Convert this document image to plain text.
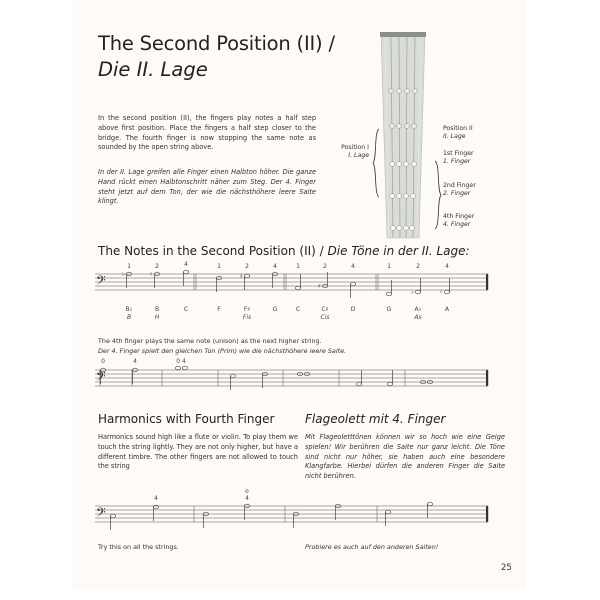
The Second Position (II) /
Die II. Lage
In the second position (II), the fingers play notes a half step above first position. Place the fingers a half step closer to the bridge. The fourth finger is now stopping the same note as sounded by the open string above.
In der II. Lage greifen alle Finger einen Halbton höher. Die ganze Hand rückt einen Halbtonschritt näher zum Steg. Der 4. Finger steht jetzt auf dem Ton, der wie die nächsthöhere leere Saite klingt.
Position I
I. Lage
Position II
II. Lage
1st Finger
1. Finger
2nd Finger
2. Finger
4th Finger
4. Finger
The Notes in the Second Position (II) / Die Töne in der II. Lage:
𝄢	♭	♮	♯
♯
♭	♮
1	2	4	1	2	4	1	2	4	1	2	4
B♭	B	C	F	F♯	G	C	C♯	D	G	A♭	A
B	H	Fis	Cis	As
The 4th finger plays the same note (unison) as the next higher string.
Der 4. Finger spielt den gleichen Ton (Prim) wie die nächsthöhere leere Saite.
𝄢
0	4	0 4
Harmonics with Fourth Finger	Flageolett mit 4. Finger
Harmonics sound high like a flute or violin. To play them we touch the string lightly. They are not only higher, but have a different timbre. The other fingers are not allowed to touch the string
Mit Flageoletttönen können wir so hoch wie eine Geige spielen! Wir berühren die Saite nur ganz leicht. Die Töne sind nicht nur höher, sie haben auch eine besondere Klangfarbe. Hierbei dürfen die anderen Finger die Saite nicht berühren.
𝄢
4	4
o
Try this on all the strings.	Probiere es auch auf den anderen Saiten!
25
